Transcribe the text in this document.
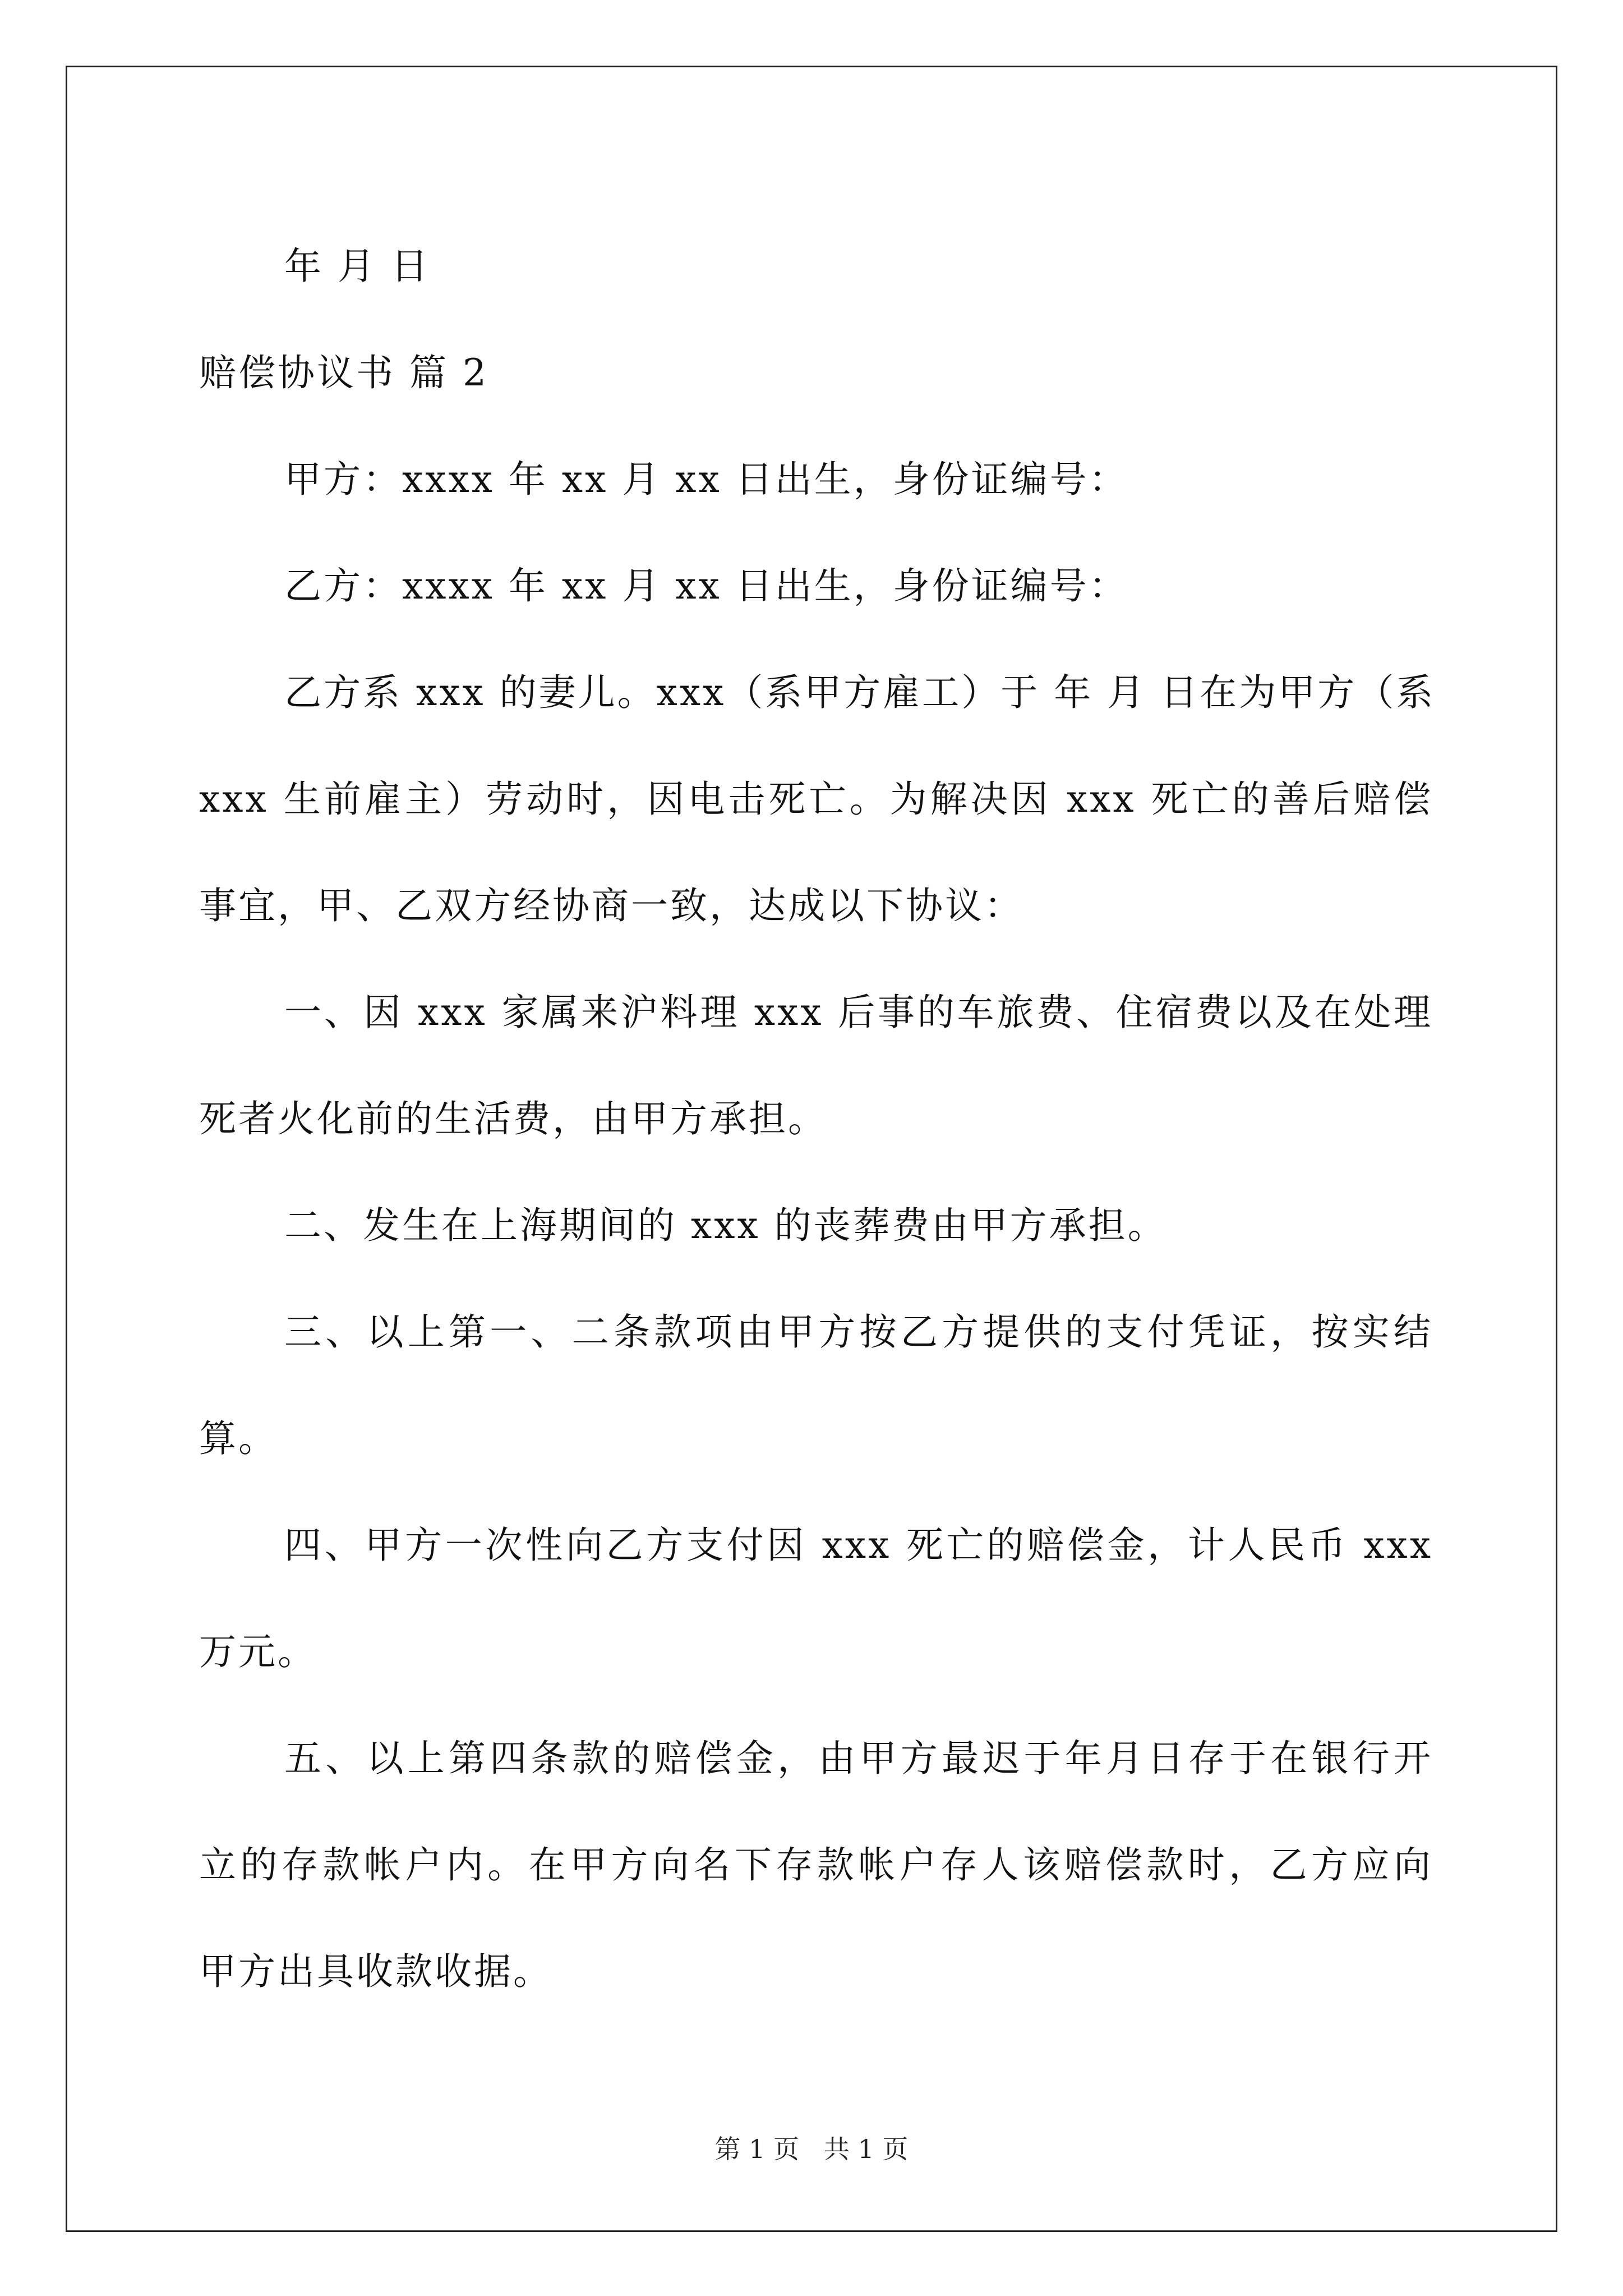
年 月 日

赔偿协议书 篇 2

甲方：xxxx 年 xx 月 xx 日出生，身份证编号：

乙方：xxxx 年 xx 月 xx 日出生，身份证编号：

乙方系 xxx 的妻儿。xxx（系甲方雇工）于 年 月 日在为甲方（系

xxx 生前雇主）劳动时，因电击死亡。为解决因 xxx 死亡的善后赔偿

事宜，甲、乙双方经协商一致，达成以下协议：

一、因 xxx 家属来沪料理 xxx 后事的车旅费、住宿费以及在处理

死者火化前的生活费，由甲方承担。

二、发生在上海期间的 xxx 的丧葬费由甲方承担。

三、以上第一、二条款项由甲方按乙方提供的支付凭证，按实结

算。

四、甲方一次性向乙方支付因 xxx 死亡的赔偿金，计人民币 xxx

万元。

五、以上第四条款的赔偿金，由甲方最迟于年月日存于在银行开

立的存款帐户内。在甲方向名下存款帐户存人该赔偿款时，乙方应向

甲方出具收款收据。

第 1 页   共 1 页
